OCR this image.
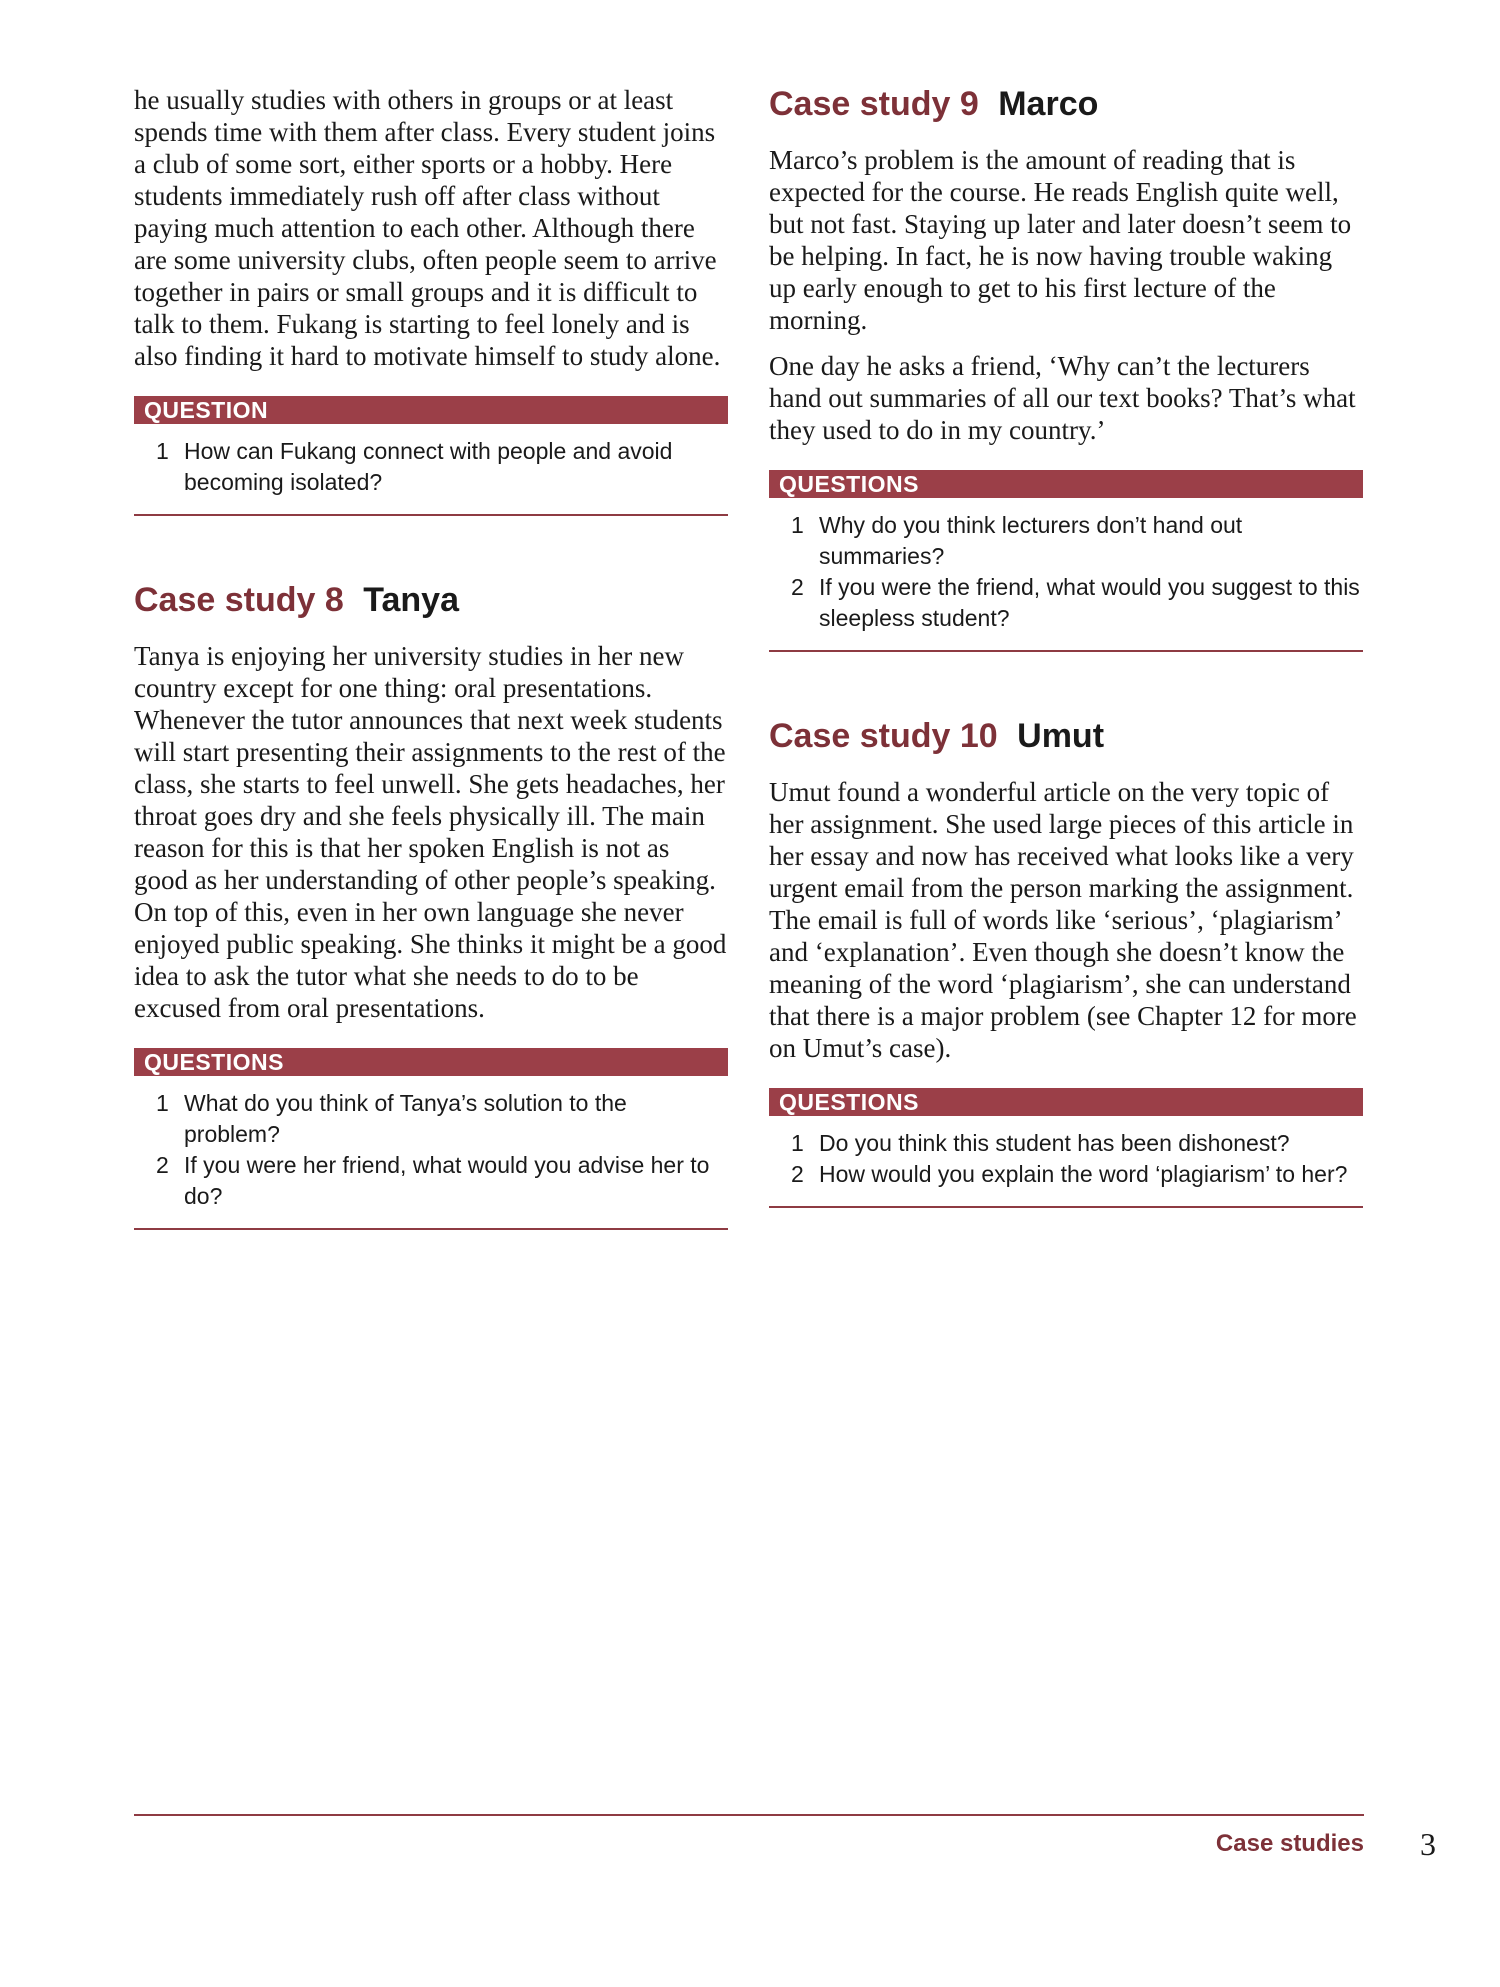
he usually studies with others in groups or at least spends time with them after class. Every student joins a club of some sort, either sports or a hobby. Here students immediately rush off after class without paying much attention to each other. Although there are some university clubs, often people seem to arrive together in pairs or small groups and it is difficult to talk to them. Fukang is starting to feel lonely and is also finding it hard to motivate himself to study alone.

QUESTION
1 How can Fukang connect with people and avoid becoming isolated?
Case study 8 Tanya

Tanya is enjoying her university studies in her new country except for one thing: oral presentations. Whenever the tutor announces that next week students will start presenting their assignments to the rest of the class, she starts to feel unwell. She gets headaches, her throat goes dry and she feels physically ill. The main reason for this is that her spoken English is not as good as her understanding of other people’s speaking. On top of this, even in her own language she never enjoyed public speaking. She thinks it might be a good idea to ask the tutor what she needs to do to be excused from oral presentations.

QUESTIONS
1 What do you think of Tanya’s solution to the problem?
2 If you were her friend, what would you advise her to do?
Case study 9 Marco

Marco’s problem is the amount of reading that is expected for the course. He reads English quite well, but not fast. Staying up later and later doesn’t seem to be helping. In fact, he is now having trouble waking up early enough to get to his first lecture of the morning.

One day he asks a friend, ‘Why can’t the lecturers hand out summaries of all our text books? That’s what they used to do in my country.’

QUESTIONS
1 Why do you think lecturers don’t hand out summaries?
2 If you were the friend, what would you suggest to this sleepless student?
Case study 10 Umut

Umut found a wonderful article on the very topic of her assignment. She used large pieces of this article in her essay and now has received what looks like a very urgent email from the person marking the assignment. The email is full of words like ‘serious’, ‘plagiarism’ and ‘explanation’. Even though she doesn’t know the meaning of the word ‘plagiarism’, she can understand that there is a major problem (see Chapter 12 for more on Umut’s case).

QUESTIONS
1 Do you think this student has been dishonest?
2 How would you explain the word ‘plagiarism’ to her?
Case studies 3
